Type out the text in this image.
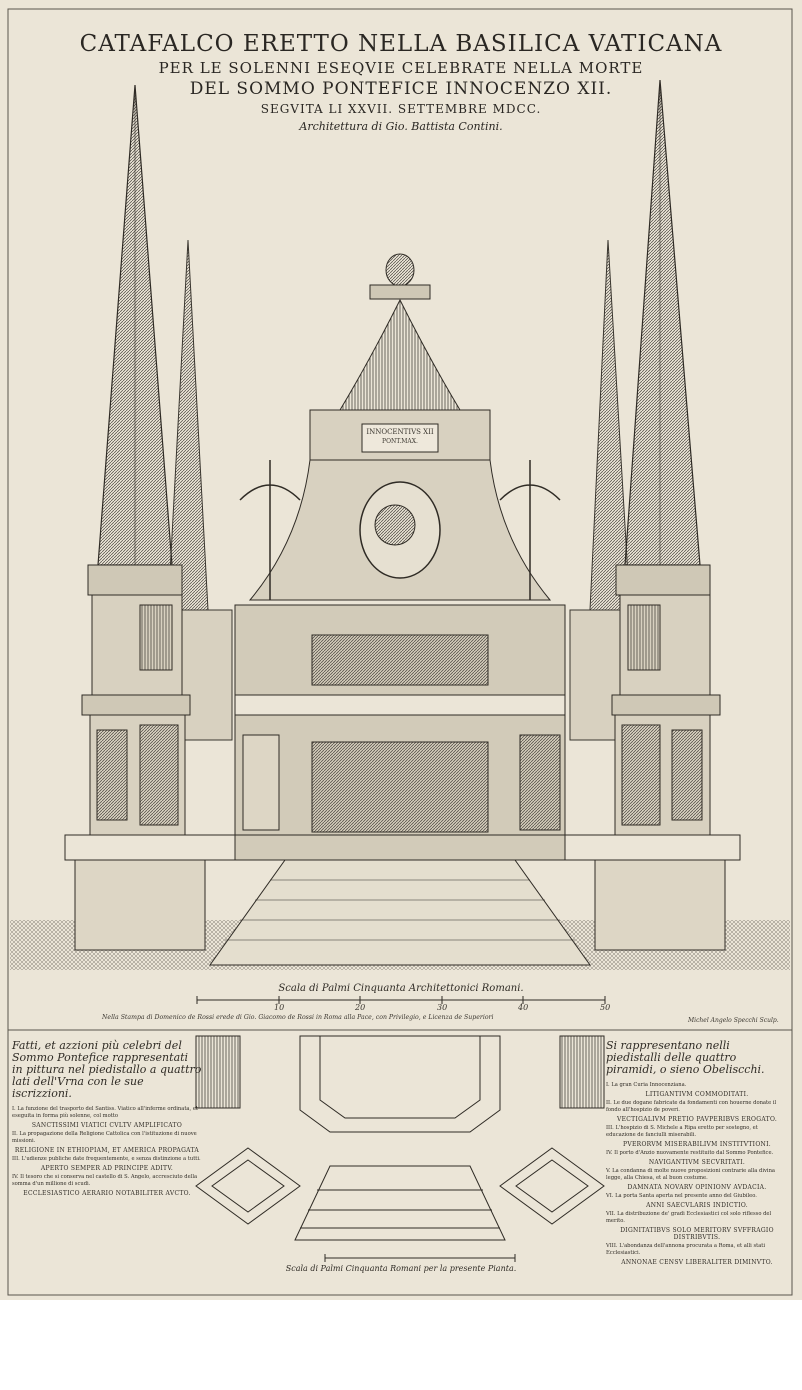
CATAFALCO ERETTO NELLA BASILICA VATICANA
PER LE SOLENNI ESEQVIE CELEBRATE NELLA MORTE
DEL SOMMO PONTEFICE INNOCENZO XII.
SEGVITA LI XXVII. SETTEMBRE MDCC.
Architettura di Gio. Battista Contini.
INNOCENTIVS XII
PONT.MAX.
Scala di Palmi Cinquanta Architettonici Romani.
10	20	30	40	50
Nella Stampa di Domenico de Rossi erede di Gio. Giacomo de Rossi in Roma alla Pace, con Privilegio, e Licenza de Superiori	Michel Angelo Specchi Sculp.
Fatti, et azzioni più celebri del Sommo Pontefice rappresentati in pittura nel piedistallo a quattro lati dell'Vrna con le sue iscrizzioni.
I. La funzione del trasporto del Santiss. Viatico all'inferme ordinata, et eseguita in forma più solenne, col motto
SANCTISSIMI VIATICI CVLTV AMPLIFICATO
II. La propagazione della Religione Cattolica con l'istituzione di nuove missioni.
RELIGIONE IN ETHIOPIAM, ET AMERICA PROPAGATA
III. L'udienze publiche date frequentemente, e senza distinzione a tutti.
APERTO SEMPER AD PRINCIPE ADITV.
IV. Il tesoro che si conserva nel castello di S. Angelo, accresciuto della somma d'un millione di scudi.
ECCLESIASTICO AERARIO NOTABILITER AVCTO.
Si rappresentano nelli piedistalli delle quattro piramidi, o sieno Obeliscchi.
I. La gran Curia Innocenziana.
LITIGANTIVM COMMODITATI.
II. Le due dogane fabricate da fondamenti con houerne donate il fondo all'hospizio de poveri.
VECTIGALIVM PRETIO PAVPERIBVS EROGATO.
III. L'hospizio di S. Michele a Ripa eretto per sostegno, et educazione de fanciulli miserabili.
PVERORVM MISERABILIVM INSTITVTIONI.
IV. Il porto d'Anzio nuovamente restituito dal Sommo Pontefice.
NAVIGANTIVM SECVRITATI.
V. La condanna di molte nuove proposizioni contrarie alla divina legge, alla Chiesa, et al buon costume.
DAMNATA NOVARV OPINIONV AVDACIA.
VI. La porta Santa aperta nel presente anno del Giubileo.
ANNI SAECVLARIS INDICTIO.
VII. La distribuzione de' gradi Ecclesiastici col solo riflesso del merito.
DIGNITATIBVS SOLO MERITORV SVFFRAGIO DISTRIBVTIS.
VIII. L'abondanza dell'annona procurata a Roma, et alli stati Ecclesiastici.
ANNONAE CENSV LIBERALITER DIMINVTO.
Scala di Palmi Cinquanta Romani per la presente Pianta.
